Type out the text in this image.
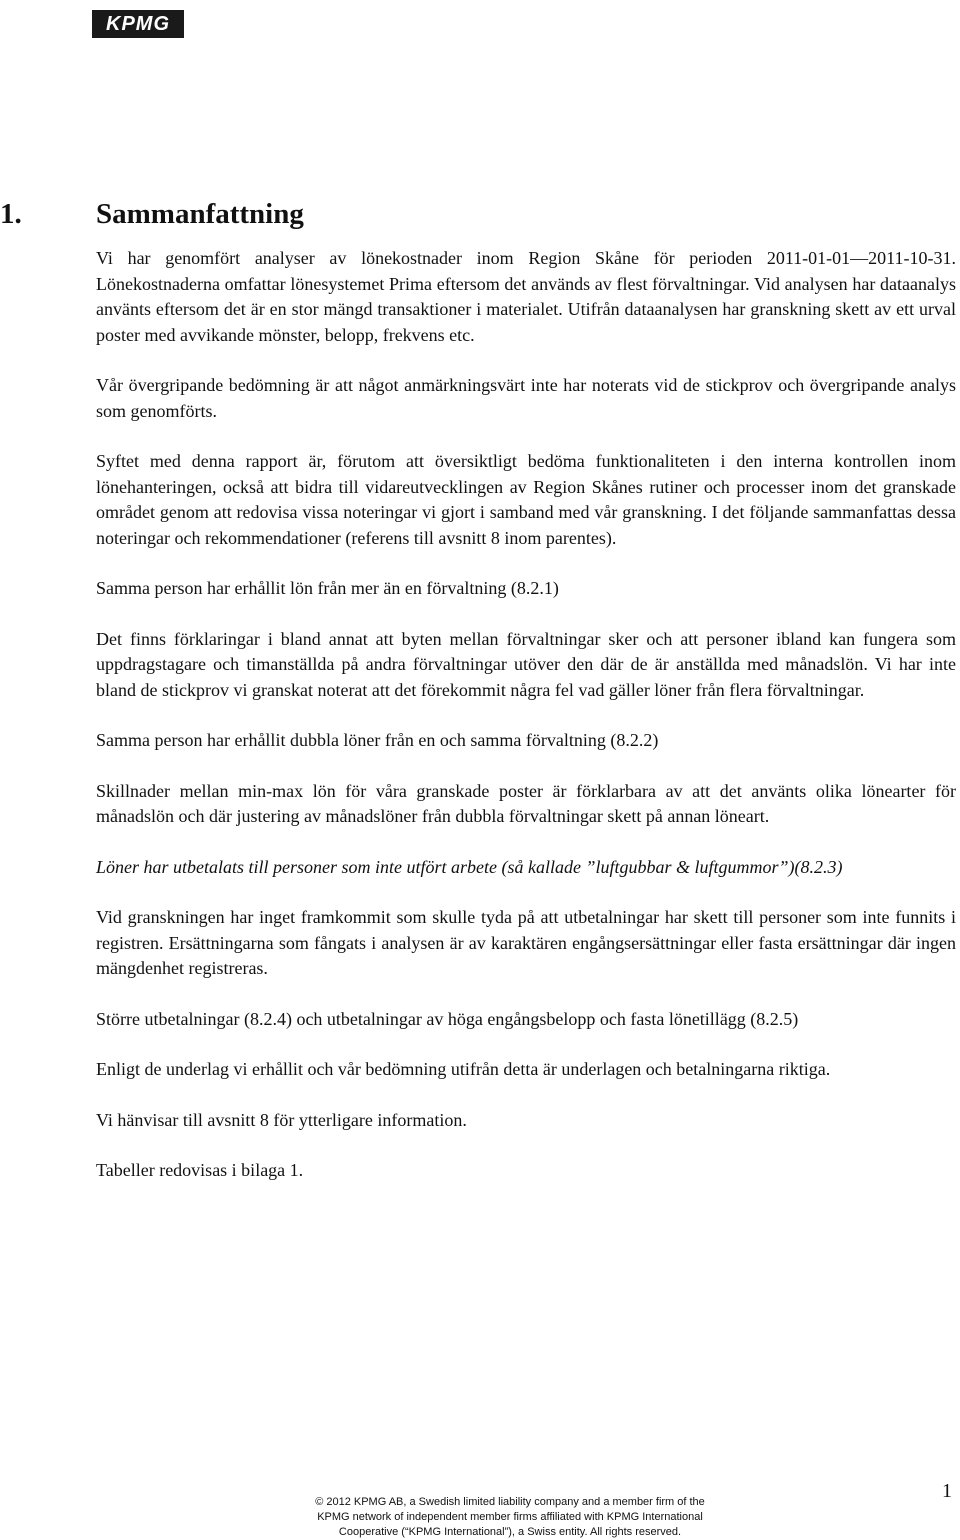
KPMG
1.	Sammanfattning

Vi har genomfört analyser av lönekostnader inom Region Skåne för perioden 2011-01-01—2011-10-31. Lönekostnaderna omfattar lönesystemet Prima eftersom det används av flest förvaltningar. Vid analysen har dataanalys använts eftersom det är en stor mängd transaktioner i materialet. Utifrån dataanalysen har granskning skett av ett urval poster med avvikande mönster, belopp, frekvens etc.

Vår övergripande bedömning är att något anmärkningsvärt inte har noterats vid de stickprov och övergripande analys som genomförts.

Syftet med denna rapport är, förutom att översiktligt bedöma funktionaliteten i den interna kontrollen inom lönehanteringen, också att bidra till vidareutvecklingen av Region Skånes rutiner och processer inom det granskade området genom att redovisa vissa noteringar vi gjort i samband med vår granskning. I det följande sammanfattas dessa noteringar och rekommendationer (referens till avsnitt 8 inom parentes).

Samma person har erhållit lön från mer än en förvaltning (8.2.1)

Det finns förklaringar i bland annat att byten mellan förvaltningar sker och att personer ibland kan fungera som uppdragstagare och timanställda på andra förvaltningar utöver den där de är anställda med månadslön. Vi har inte bland de stickprov vi granskat noterat att det förekommit några fel vad gäller löner från flera förvaltningar.

Samma person har erhållit dubbla löner från en och samma förvaltning (8.2.2)

Skillnader mellan min-max lön för våra granskade poster är förklarbara av att det använts olika lönearter för månadslön och där justering av månadslöner från dubbla förvaltningar skett på annan löneart.

Löner har utbetalats till personer som inte utfört arbete (så kallade ”luftgubbar & luftgummor”)(8.2.3)

Vid granskningen har inget framkommit som skulle tyda på att utbetalningar har skett till personer som inte funnits i registren. Ersättningarna som fångats i analysen är av karaktären engångsersättningar eller fasta ersättningar där ingen mängdenhet registreras.

Större utbetalningar (8.2.4) och utbetalningar av höga engångsbelopp och fasta lönetillägg (8.2.5)

Enligt de underlag vi erhållit och vår bedömning utifrån detta är underlagen och betalningarna riktiga.

Vi hänvisar till avsnitt 8 för ytterligare information.

Tabeller redovisas i bilaga 1.

1
© 2012 KPMG AB, a Swedish limited liability company and a member firm of the
KPMG network of independent member firms affiliated with KPMG International
Cooperative (“KPMG International”), a Swiss entity. All rights reserved.
